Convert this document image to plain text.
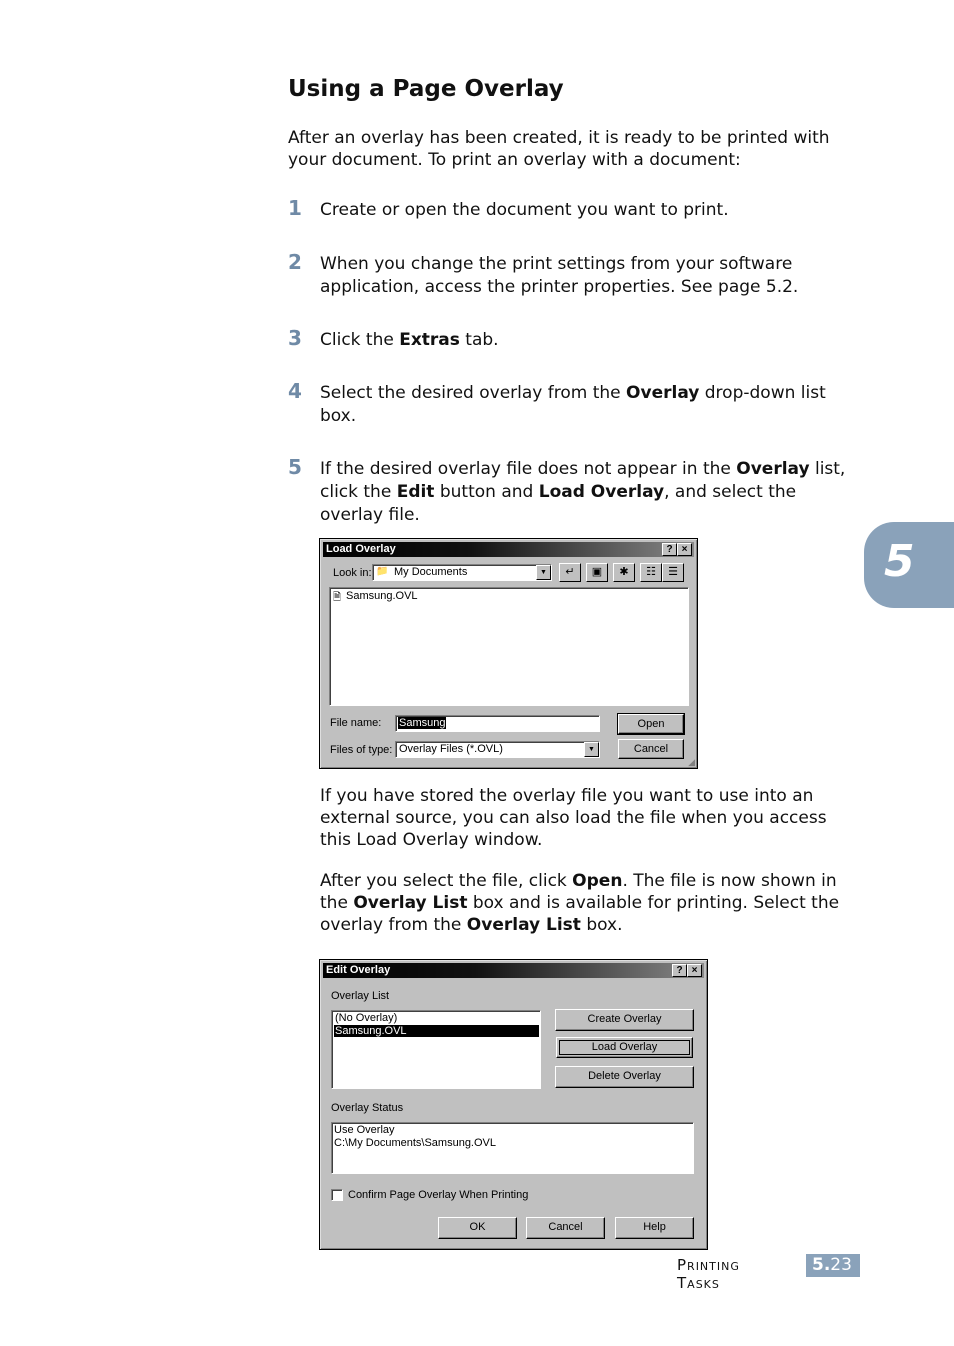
Using a Page Overlay

After an overlay has been created, it is ready to be printed with your document. To print an overlay with a document:

1 Create or open the document you want to print.

2 When you change the print settings from your software application, access the printer properties. See page 5.2.

3 Click the Extras tab.

4 Select the desired overlay from the Overlay drop-down list box.

5 If the desired overlay file does not appear in the Overlay list, click the Edit button and Load Overlay, and select the overlay file.

Load Overlay	? ×
Look in: 📁 My Documents	▼	↵	▣	✱	☷	☰
🗎 Samsung.OVL
File name: Samsung	Open
Files of type: Overlay Files (*.OVL)	▼	Cancel
◢

If you have stored the overlay file you want to use into an external source, you can also load the file when you access this Load Overlay window.

After you select the file, click Open. The file is now shown in the Overlay List box and is available for printing. Select the overlay from the Overlay List box.

Edit Overlay	? ×
Overlay List
(No Overlay)
Samsung.OVL
Create Overlay
Load Overlay
Delete Overlay
Overlay Status
Use Overlay
C:\My Documents\Samsung.OVL
Confirm Page Overlay When Printing
OK	Cancel	Help
5
Printing Tasks
5.23
